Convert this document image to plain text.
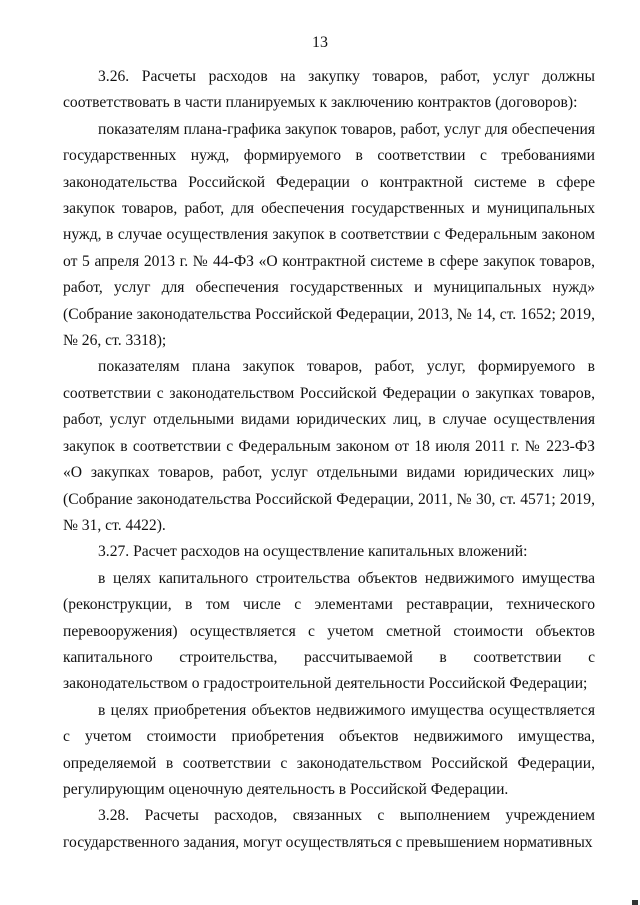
13

3.26. Расчеты расходов на закупку товаров, работ, услуг должны соответствовать в части планируемых к заключению контрактов (договоров):

показателям плана-графика закупок товаров, работ, услуг для обеспечения государственных нужд, формируемого в соответствии с требованиями законодательства Российской Федерации о контрактной системе в сфере закупок товаров, работ, для обеспечения государственных и муниципальных нужд, в случае осуществления закупок в соответствии с Федеральным законом от 5 апреля 2013 г. № 44-ФЗ «О контрактной системе в сфере закупок товаров, работ, услуг для обеспечения государственных и муниципальных нужд» (Собрание законодательства Российской Федерации, 2013, № 14, ст. 1652; 2019, № 26, ст. 3318);

показателям плана закупок товаров, работ, услуг, формируемого в соответствии с законодательством Российской Федерации о закупках товаров, работ, услуг отдельными видами юридических лиц, в случае осуществления закупок в соответствии с Федеральным законом от 18 июля 2011 г. № 223-ФЗ «О закупках товаров, работ, услуг отдельными видами юридических лиц» (Собрание законодательства Российской Федерации, 2011, № 30, ст. 4571; 2019, № 31, ст. 4422).

3.27. Расчет расходов на осуществление капитальных вложений:

в целях капитального строительства объектов недвижимого имущества (реконструкции, в том числе с элементами реставрации, технического перевооружения) осуществляется с учетом сметной стоимости объектов капитального строительства, рассчитываемой в соответствии с законодательством о градостроительной деятельности Российской Федерации;

в целях приобретения объектов недвижимого имущества осуществляется с учетом стоимости приобретения объектов недвижимого имущества, определяемой в соответствии с законодательством Российской Федерации, регулирующим оценочную деятельность в Российской Федерации.

3.28. Расчеты расходов, связанных с выполнением учреждением государственного задания, могут осуществляться с превышением нормативных
